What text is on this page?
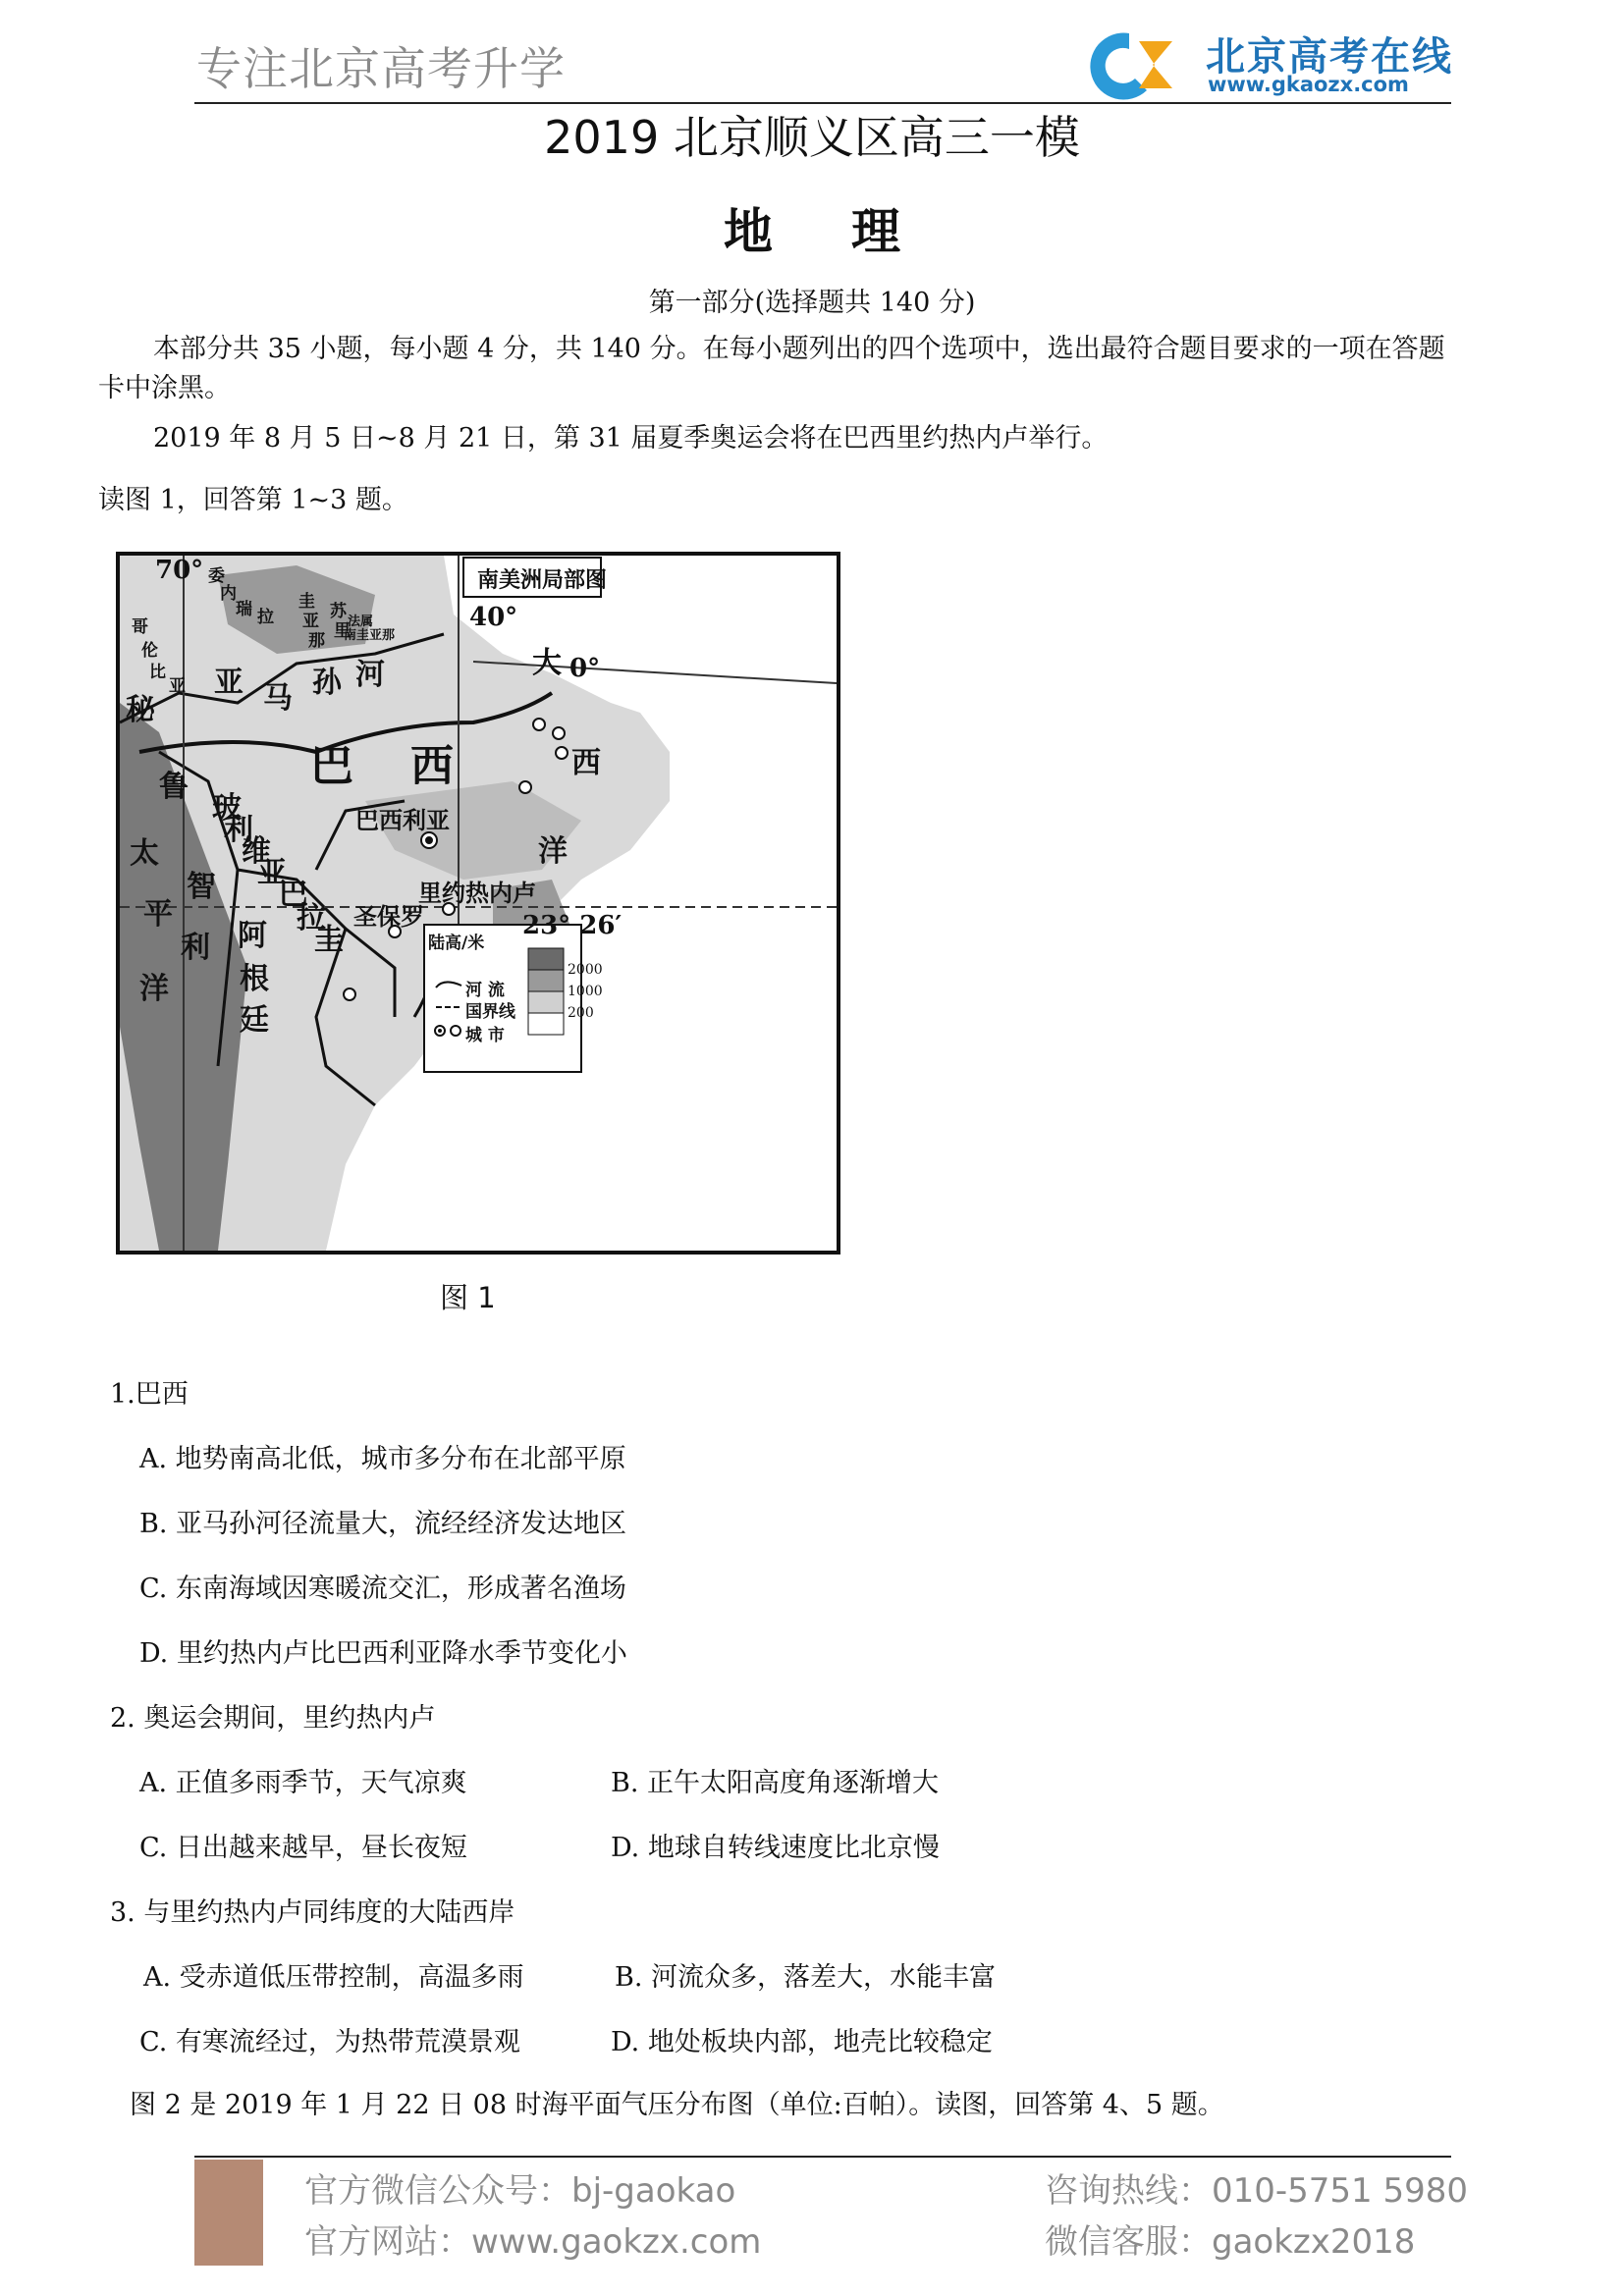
专注北京高考升学	北京高考在线
www.gkaozx.com
2019 北京顺义区高三一模
地理
第一部分(选择题共 140 分)
本部分共 35 小题，每小题 4 分，共 140 分。在每小题列出的四个选项中，选出最符合题目要求的一项在答题
卡中涂黑。
2019 年 8 月 5 日~8 月 21 日，第 31 届夏季奥运会将在巴西里约热内卢举行。
读图 1，回答第 1~3 题。
南美洲局部图
70°
40°
0°
23° 26′
委
内
瑞 拉
哥
伦
比
亚
圭
亚
那
苏
里
法属
南圭亚那
秘
鲁
玻
利
维
亚
巴
拉
圭
智
利 阿
根
廷
亚 马 孙 河
巴 西
大
西
洋
太
平
洋
巴西利亚
里约热内卢
圣保罗
陆高/米
河 流
国界线
城 市
2000
1000
200
图 1
1.巴西
A. 地势南高北低，城市多分布在北部平原
B. 亚马孙河径流量大，流经经济发达地区
C. 东南海域因寒暖流交汇，形成著名渔场
D. 里约热内卢比巴西利亚降水季节变化小
2. 奥运会期间，里约热内卢
A. 正值多雨季节，天气凉爽	B. 正午太阳高度角逐渐增大
C. 日出越来越早，昼长夜短	D. 地球自转线速度比北京慢
3. 与里约热内卢同纬度的大陆西岸
A. 受赤道低压带控制，高温多雨	B. 河流众多，落差大，水能丰富
C. 有寒流经过，为热带荒漠景观	D. 地处板块内部，地壳比较稳定
图 2 是 2019 年 1 月 22 日 08 时海平面气压分布图（单位:百帕）。读图，回答第 4、5 题。
官方微信公众号：bj-gaokao
官方网站：www.gaokzx.com
咨询热线：010-5751 5980
微信客服：gaokzx2018
